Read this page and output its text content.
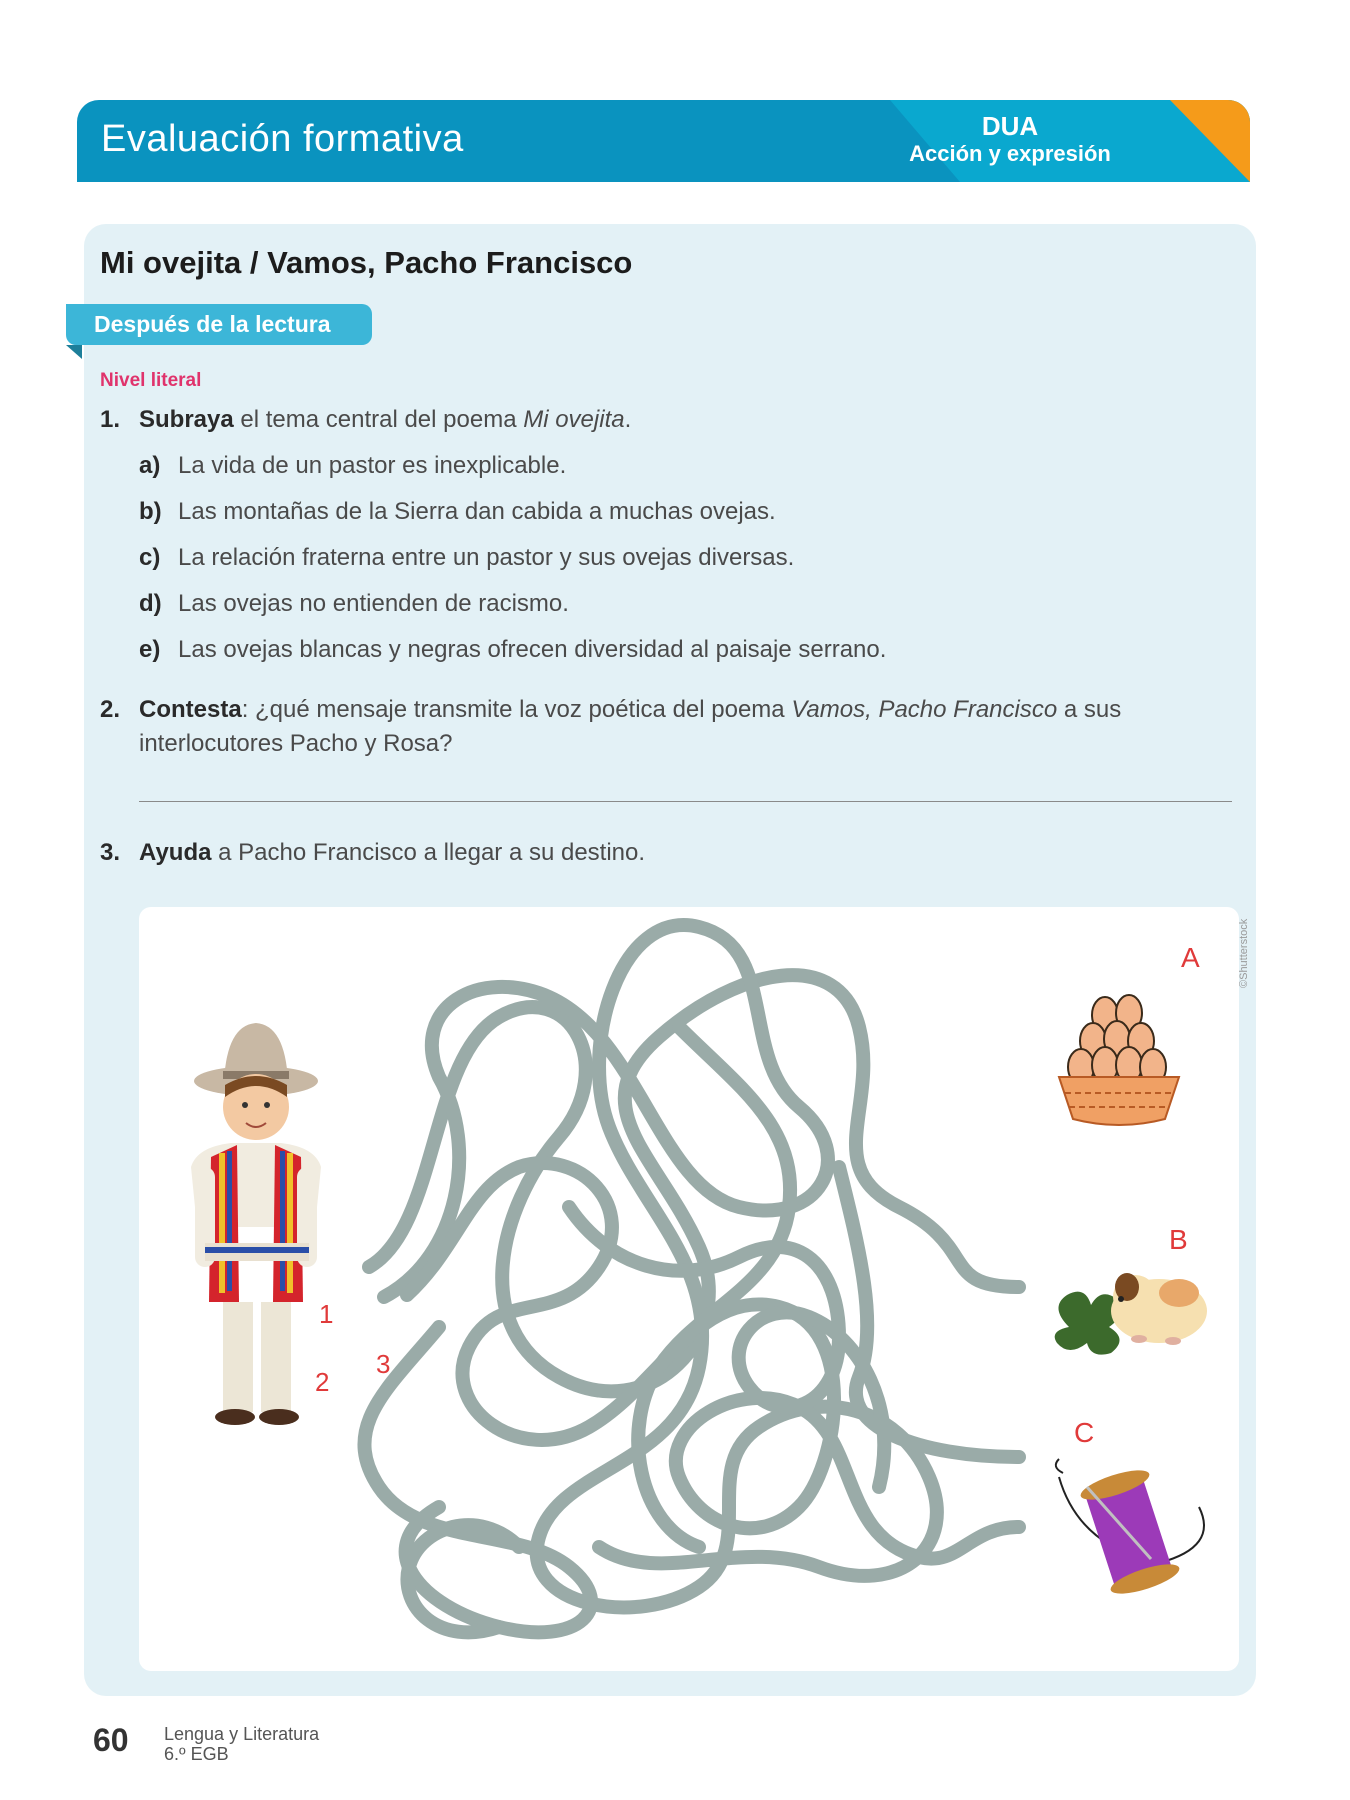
Evaluación formativa	DUA
Acción y expresión
Mi ovejita / Vamos, Pacho Francisco
Después de la lectura
Nivel literal
1. Subraya el tema central del poema Mi ovejita.
a) La vida de un pastor es inexplicable.
b) Las montañas de la Sierra dan cabida a muchas ovejas.
c) La relación fraterna entre un pastor y sus ovejas diversas.
d) Las ovejas no entienden de racismo.
e) Las ovejas blancas y negras ofrecen diversidad al paisaje serrano.
2. Contesta: ¿qué mensaje transmite la voz poética del poema Vamos, Pacho Francisco a sus interlocutores Pacho y Rosa?
3. Ayuda a Pacho Francisco a llegar a su destino.
1
2
3
A
B
C
©Shutterstock
60 Lengua y Literatura
6.º EGB
